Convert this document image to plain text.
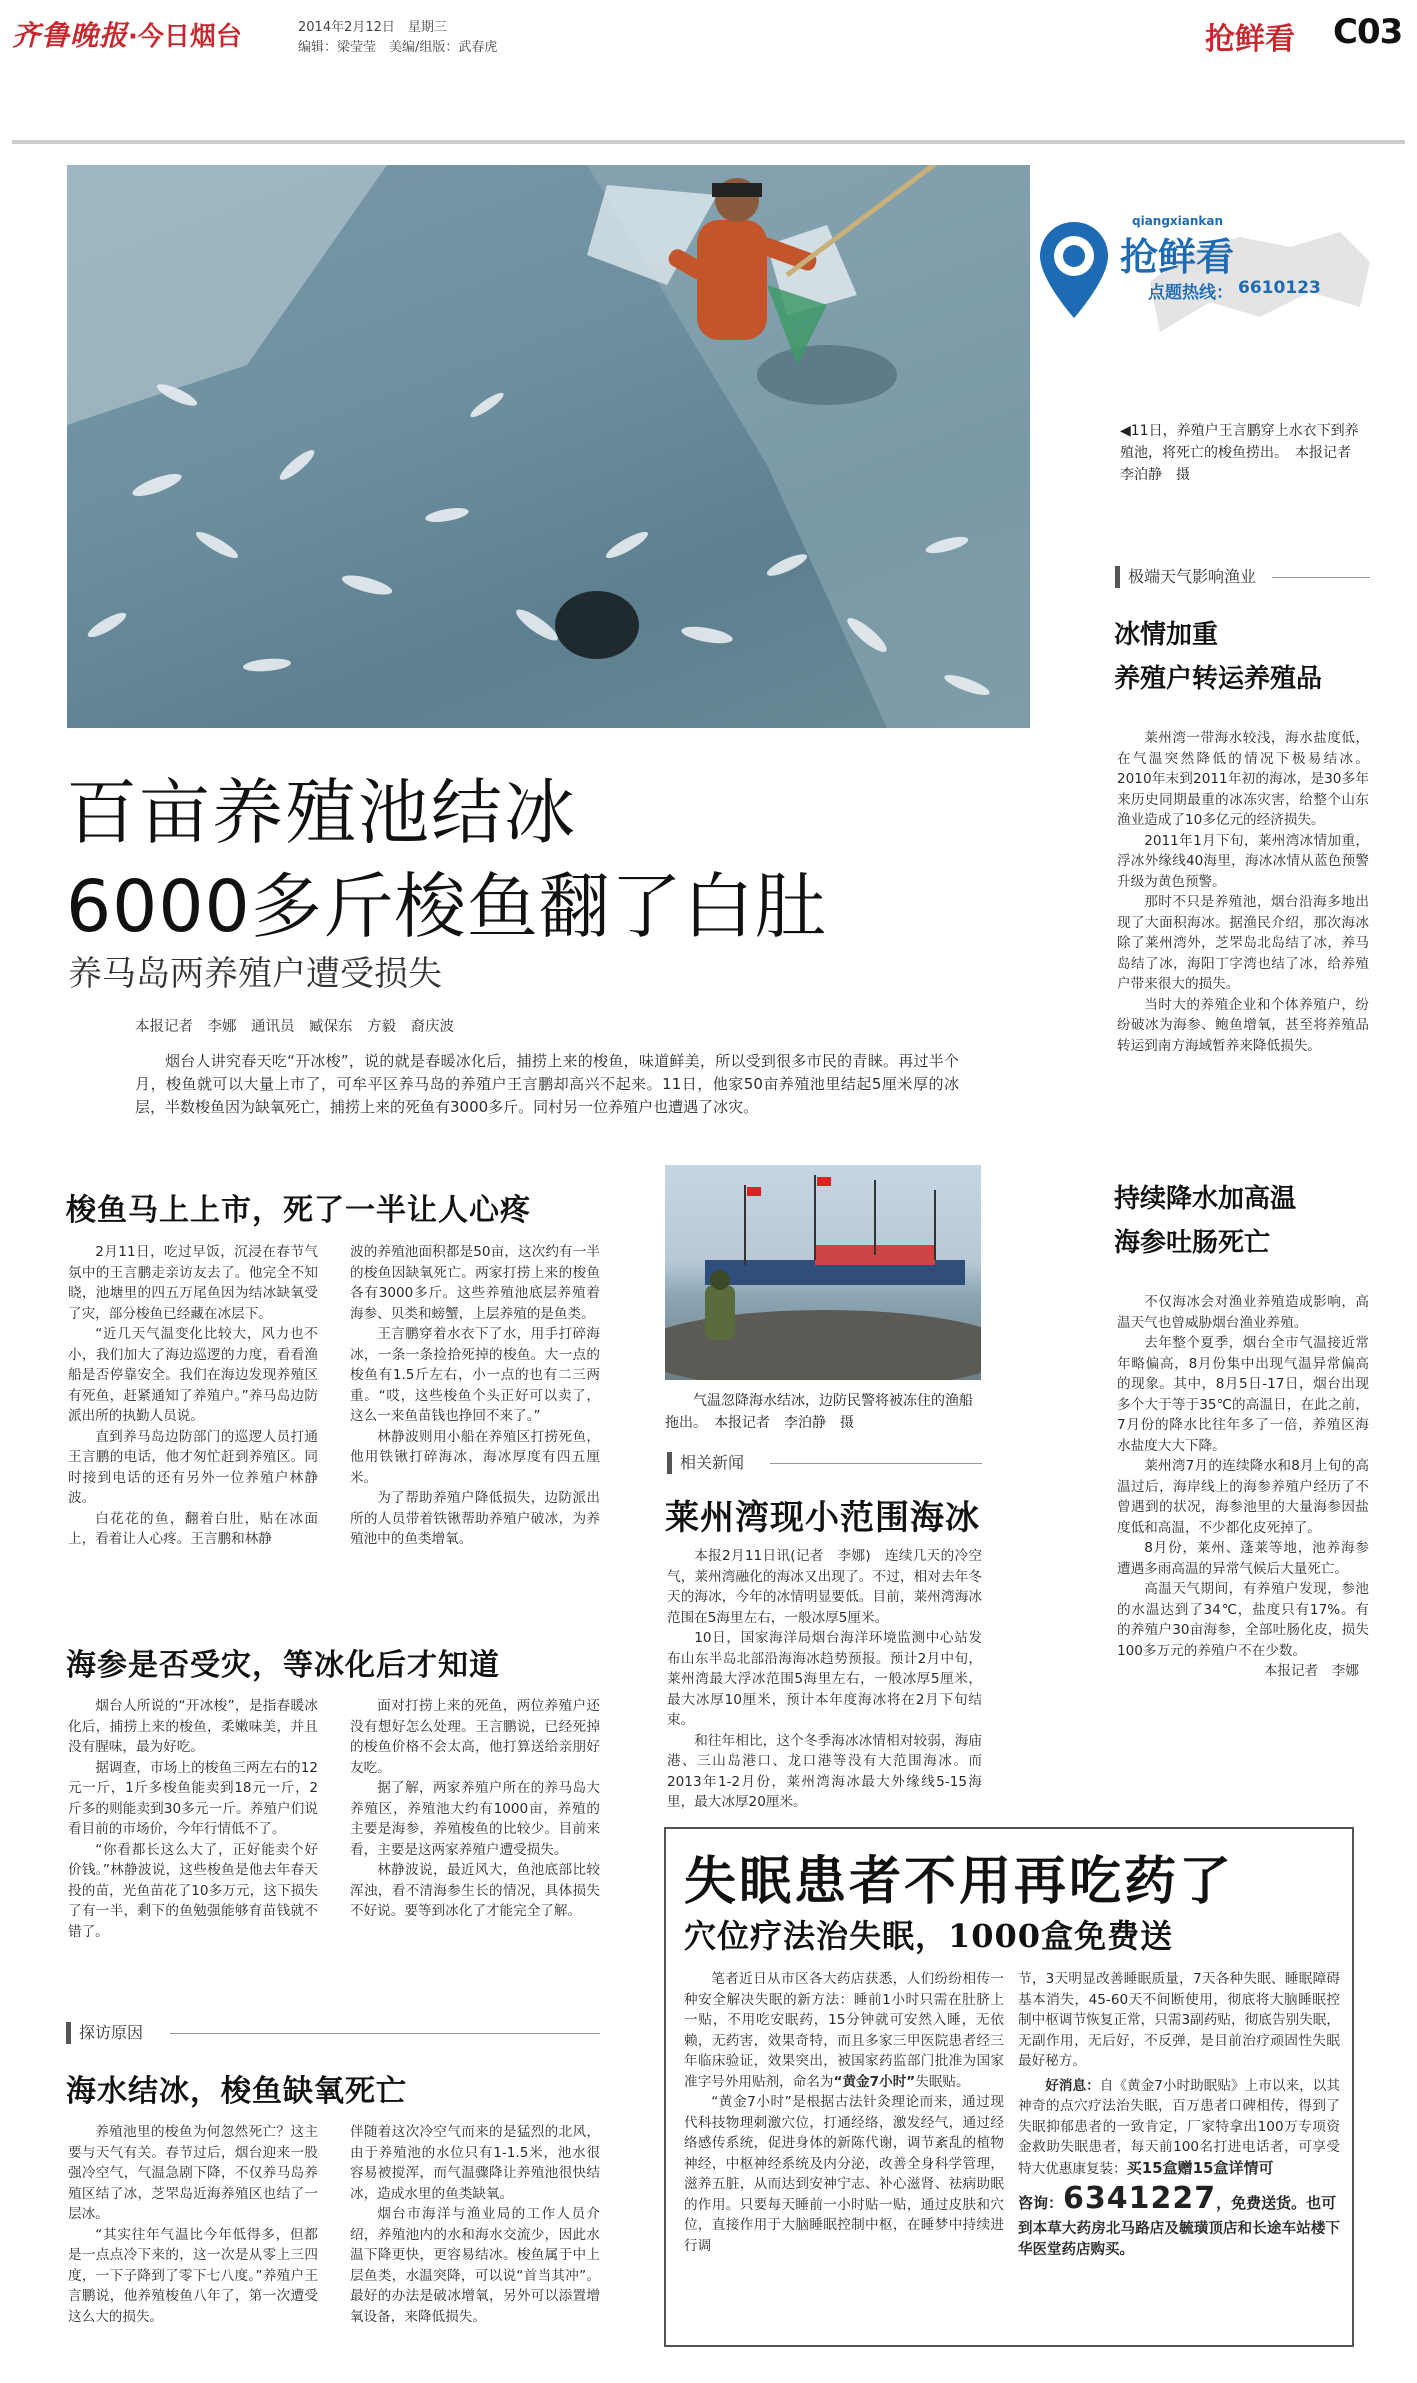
齐鲁晚报 ·今日烟台	2014年2月12日　星期三
编辑：梁莹莹　美编/组版：武春虎	抢鲜看 C03
qiangxiankan
抢鲜看
点题热线： 6610123
◀11日，养殖户王言鹏穿上水衣下到养殖池，将死亡的梭鱼捞出。　本报记者　李泊静　摄
百亩养殖池结冰
6000多斤梭鱼翻了白肚
养马岛两养殖户遭受损失
本报记者　李娜　通讯员　臧保东　方毅　裔庆波

烟台人讲究春天吃“开冰梭”，说的就是春暖冰化后，捕捞上来的梭鱼，味道鲜美，所以受到很多市民的青睐。再过半个月，梭鱼就可以大量上市了，可牟平区养马岛的养殖户王言鹏却高兴不起来。11日，他家50亩养殖池里结起5厘米厚的冰层，半数梭鱼因为缺氧死亡，捕捞上来的死鱼有3000多斤。同村另一位养殖户也遭遇了冰灾。

梭鱼马上上市，死了一半让人心疼

2月11日，吃过早饭，沉浸在春节气氛中的王言鹏走亲访友去了。他完全不知晓，池塘里的四五万尾鱼因为结冰缺氧受了灾，部分梭鱼已经藏在冰层下。

“近几天气温变化比较大，风力也不小，我们加大了海边巡逻的力度，看看渔船是否停靠安全。我们在海边发现养殖区有死鱼，赶紧通知了养殖户。”养马岛边防派出所的执勤人员说。

直到养马岛边防部门的巡逻人员打通王言鹏的电话，他才匆忙赶到养殖区。同时接到电话的还有另外一位养殖户林静波。

白花花的鱼，翻着白肚，贴在冰面上，看着让人心疼。王言鹏和林静

波的养殖池面积都是50亩，这次约有一半的梭鱼因缺氧死亡。两家打捞上来的梭鱼各有3000多斤。这些养殖池底层养殖着海参、贝类和螃蟹，上层养殖的是鱼类。

王言鹏穿着水衣下了水，用手打碎海冰，一条一条捡拾死掉的梭鱼。大一点的梭鱼有1.5斤左右，小一点的也有二三两重。“哎，这些梭鱼个头正好可以卖了，这么一来鱼苗钱也挣回不来了。”

林静波则用小船在养殖区打捞死鱼，他用铁锹打碎海冰，海冰厚度有四五厘米。

为了帮助养殖户降低损失，边防派出所的人员带着铁锹帮助养殖户破冰，为养殖池中的鱼类增氧。

海参是否受灾，等冰化后才知道

烟台人所说的“开冰梭”，是指春暖冰化后，捕捞上来的梭鱼，柔嫩味美，并且没有腥味，最为好吃。

据调查，市场上的梭鱼三两左右的12元一斤，1斤多梭鱼能卖到18元一斤，2斤多的则能卖到30多元一斤。养殖户们说看目前的市场价，今年行情低不了。

“你看都长这么大了，正好能卖个好价钱。”林静波说，这些梭鱼是他去年春天投的苗，光鱼苗花了10多万元，这下损失了有一半，剩下的鱼勉强能够育苗钱就不错了。

面对打捞上来的死鱼，两位养殖户还没有想好怎么处理。王言鹏说，已经死掉的梭鱼价格不会太高，他打算送给亲朋好友吃。

据了解，两家养殖户所在的养马岛大养殖区，养殖池大约有1000亩，养殖的主要是海参，养殖梭鱼的比较少。目前来看，主要是这两家养殖户遭受损失。

林静波说，最近风大，鱼池底部比较浑浊，看不清海参生长的情况，具体损失不好说。要等到冰化了才能完全了解。

探访原因
海水结冰，梭鱼缺氧死亡

养殖池里的梭鱼为何忽然死亡？这主要与天气有关。春节过后，烟台迎来一股强冷空气，气温急剧下降，不仅养马岛养殖区结了冰，芝罘岛近海养殖区也结了一层冰。

“其实往年气温比今年低得多，但都是一点点冷下来的，这一次是从零上三四度，一下子降到了零下七八度。”养殖户王言鹏说，他养殖梭鱼八年了，第一次遭受这么大的损失。

伴随着这次冷空气而来的是猛烈的北风，由于养殖池的水位只有1-1.5米，池水很容易被搅浑，而气温骤降让养殖池很快结冰，造成水里的鱼类缺氧。

烟台市海洋与渔业局的工作人员介绍，养殖池内的水和海水交流少，因此水温下降更快，更容易结冰。梭鱼属于中上层鱼类，水温突降，可以说“首当其冲”。最好的办法是破冰增氧，另外可以添置增氧设备，来降低损失。

气温忽降海水结冰，边防民警将被冻住的渔船拖出。　本报记者　李泊静　摄
相关新闻
莱州湾现小范围海冰

本报2月11日讯(记者　李娜)　连续几天的冷空气，莱州湾融化的海冰又出现了。不过，相对去年冬天的海冰，今年的冰情明显要低。目前，莱州湾海冰范围在5海里左右，一般冰厚5厘米。

10日，国家海洋局烟台海洋环境监测中心站发布山东半岛北部沿海海冰趋势预报。预计2月中旬，莱州湾最大浮冰范围5海里左右，一般冰厚5厘米，最大冰厚10厘米，预计本年度海冰将在2月下旬结束。

和往年相比，这个冬季海冰冰情相对较弱，海庙港、三山岛港口、龙口港等没有大范围海冰。而2013年1-2月份，莱州湾海冰最大外缘线5-15海里，最大冰厚20厘米。

极端天气影响渔业
冰情加重
养殖户转运养殖品

莱州湾一带海水较浅，海水盐度低，在气温突然降低的情况下极易结冰。2010年末到2011年初的海冰，是30多年来历史同期最重的冰冻灾害，给整个山东渔业造成了10多亿元的经济损失。

2011年1月下旬，莱州湾冰情加重，浮冰外缘线40海里，海冰冰情从蓝色预警升级为黄色预警。

那时不只是养殖池，烟台沿海多地出现了大面积海冰。据渔民介绍，那次海冰除了莱州湾外，芝罘岛北岛结了冰，养马岛结了冰，海阳丁字湾也结了冰，给养殖户带来很大的损失。

当时大的养殖企业和个体养殖户，纷纷破冰为海参、鲍鱼增氧，甚至将养殖品转运到南方海域暂养来降低损失。

持续降水加高温
海参吐肠死亡

不仅海冰会对渔业养殖造成影响，高温天气也曾威胁烟台渔业养殖。

去年整个夏季，烟台全市气温接近常年略偏高，8月份集中出现气温异常偏高的现象。其中，8月5日-17日，烟台出现多个大于等于35℃的高温日，在此之前，7月份的降水比往年多了一倍，养殖区海水盐度大大下降。

莱州湾7月的连续降水和8月上旬的高温过后，海岸线上的海参养殖户经历了不曾遇到的状况，海参池里的大量海参因盐度低和高温，不少都化皮死掉了。

8月份，莱州、蓬莱等地，池养海参遭遇多雨高温的异常气候后大量死亡。

高温天气期间，有养殖户发现，参池的水温达到了34℃，盐度只有17%。有的养殖户30亩海参，全部吐肠化皮，损失100多万元的养殖户不在少数。

本报记者　李娜

失眠患者不用再吃药了
穴位疗法治失眠，1000盒免费送

笔者近日从市区各大药店获悉，人们纷纷相传一种安全解决失眠的新方法：睡前1小时只需在肚脐上一贴，不用吃安眠药，15分钟就可安然入睡，无依赖，无药害，效果奇特，而且多家三甲医院患者经三年临床验证，效果突出，被国家药监部门批准为国家准字号外用贴剂，命名为“黄金7小时”失眠贴。

“黄金7小时”是根据古法针灸理论而来，通过现代科技物理刺激穴位，打通经络，激发经气，通过经络感传系统，促进身体的新陈代谢，调节紊乱的植物神经，中枢神经系统及内分泌，改善全身科学管理，滋养五脏，从而达到安神宁志、补心滋肾、祛病助眠的作用。只要每天睡前一小时贴一贴，通过皮肤和穴位，直接作用于大脑睡眠控制中枢，在睡梦中持续进行调

节，3天明显改善睡眠质量，7天各种失眠、睡眠障碍基本消失，45-60天不间断使用，彻底将大脑睡眠控制中枢调节恢复正常，只需3副药贴，彻底告别失眠，无副作用，无后好，不反弹，是目前治疗顽固性失眠最好秘方。

好消息：自《黄金7小时助眠贴》上市以来，以其神奇的点穴疗法治失眠，百万患者口碑相传，得到了失眠抑郁患者的一致肯定，厂家特拿出100万专项资金救助失眠患者，每天前100名打进电话者，可享受特大优惠康复装：买15盒赠15盒详情可

咨询：6341227，免费送货。也可

到本草大药房北马路店及毓璜顶店和长途车站楼下华医堂药店购买。
